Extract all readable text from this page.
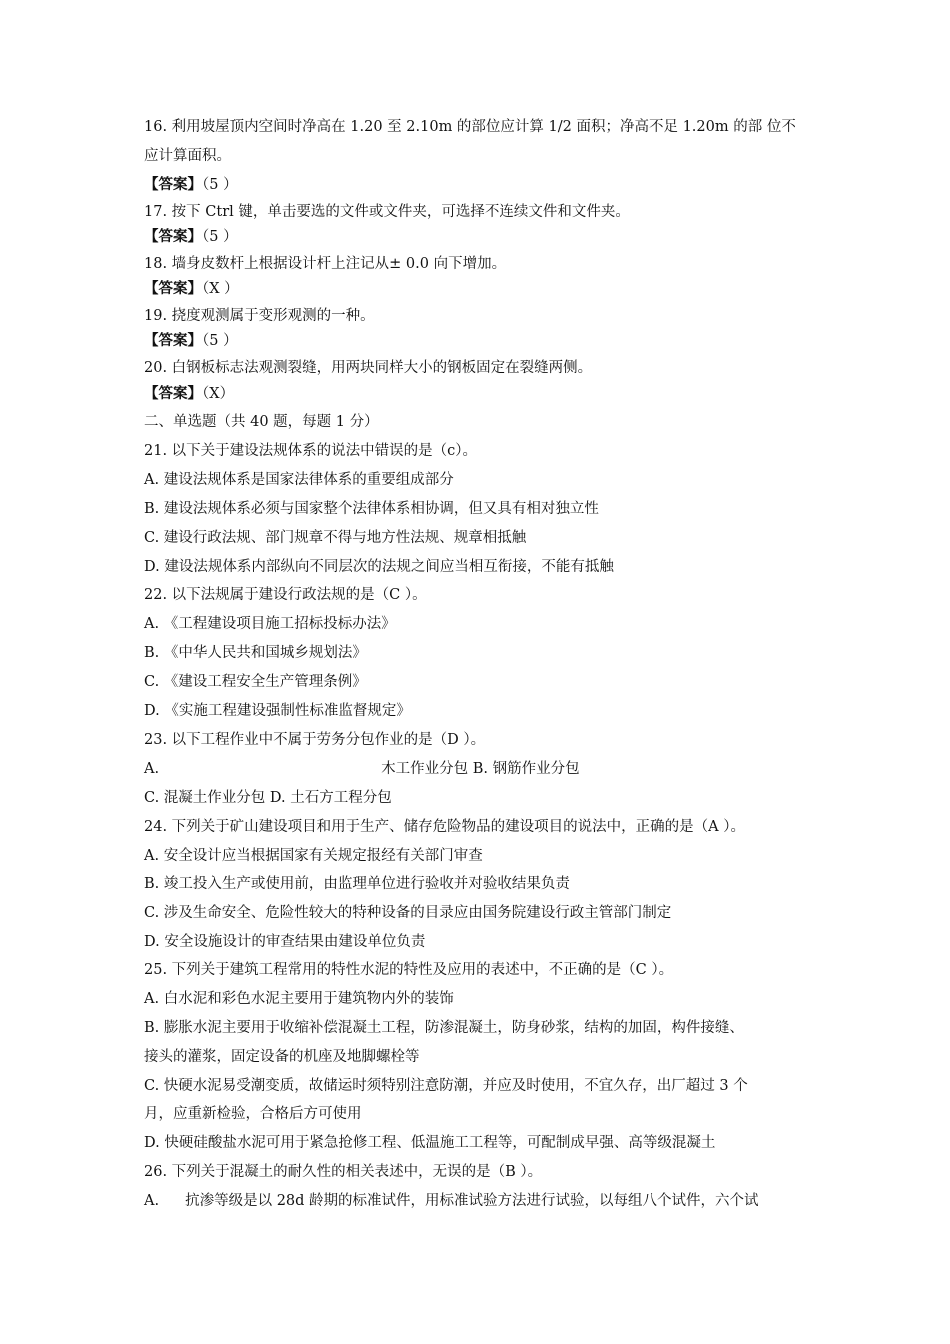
16. 利用坡屋顶内空间时净高在 1.20 至 2.10m 的部位应计算 1/2 面积；净高不足 1.20m 的部 位不
应计算面积。
【答案】（5 ）
17. 按下 Ctrl 键，单击要选的文件或文件夹，可选择不连续文件和文件夹。
【答案】（5 ）
18. 墙身皮数杆上根据设计杆上注记从± 0.0 向下增加。
【答案】（X ）
19. 挠度观测属于变形观测的一种。
【答案】（5 ）
20. 白钢板标志法观测裂缝，用两块同样大小的钢板固定在裂缝两侧。
【答案】（X）
二、单选题（共 40 题，每题 1 分）
21. 以下关于建设法规体系的说法中错误的是（c）。
A. 建设法规体系是国家法律体系的重要组成部分
B. 建设法规体系必须与国家整个法律体系相协调，但又具有相对独立性
C. 建设行政法规、部门规章不得与地方性法规、规章相抵触
D. 建设法规体系内部纵向不同层次的法规之间应当相互衔接，不能有抵触
22. 以下法规属于建设行政法规的是（C ）。
A. 《工程建设项目施工招标投标办法》
B. 《中华人民共和国城乡规划法》
C. 《建设工程安全生产管理条例》
D. 《实施工程建设强制性标准监督规定》
23. 以下工程作业中不属于劳务分包作业的是（D ）。
A.	木工作业分包 B. 钢筋作业分包
C. 混凝土作业分包 D. 土石方工程分包
24. 下列关于矿山建设项目和用于生产、储存危险物品的建设项目的说法中，正确的是（A ）。
A. 安全设计应当根据国家有关规定报经有关部门审查
B. 竣工投入生产或使用前，由监理单位进行验收并对验收结果负责
C. 涉及生命安全、危险性较大的特种设备的目录应由国务院建设行政主管部门制定
D. 安全设施设计的审查结果由建设单位负责
25. 下列关于建筑工程常用的特性水泥的特性及应用的表述中，不正确的是（C ）。
A. 白水泥和彩色水泥主要用于建筑物内外的装饰
B. 膨胀水泥主要用于收缩补偿混凝土工程，防渗混凝土，防身砂浆，结构的加固，构件接缝、
接头的灌浆，固定设备的机座及地脚螺栓等
C. 快硬水泥易受潮变质，故储运时须特别注意防潮，并应及时使用，不宜久存，出厂超过 3 个
月，应重新检验，合格后方可使用
D. 快硬硅酸盐水泥可用于紧急抢修工程、低温施工工程等，可配制成早强、高等级混凝土
26. 下列关于混凝土的耐久性的相关表述中，无误的是（B ）。
A. 抗渗等级是以 28d 龄期的标准试件，用标准试验方法进行试验，以每组八个试件，六个试
